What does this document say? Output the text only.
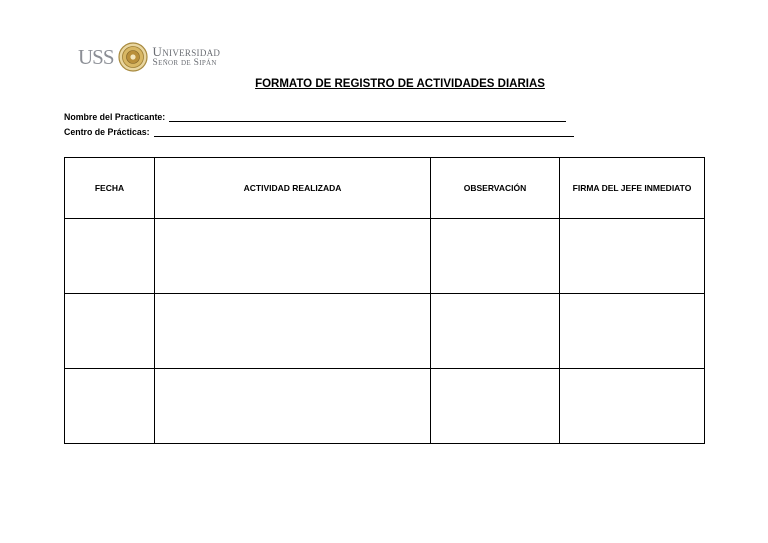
USS	Universidad
Señor de Sipán
FORMATO DE REGISTRO DE ACTIVIDADES DIARIAS
Nombre del Practicante:
Centro de Prácticas:
FECHA	ACTIVIDAD REALIZADA	OBSERVACIÓN	FIRMA DEL JEFE INMEDIATO
